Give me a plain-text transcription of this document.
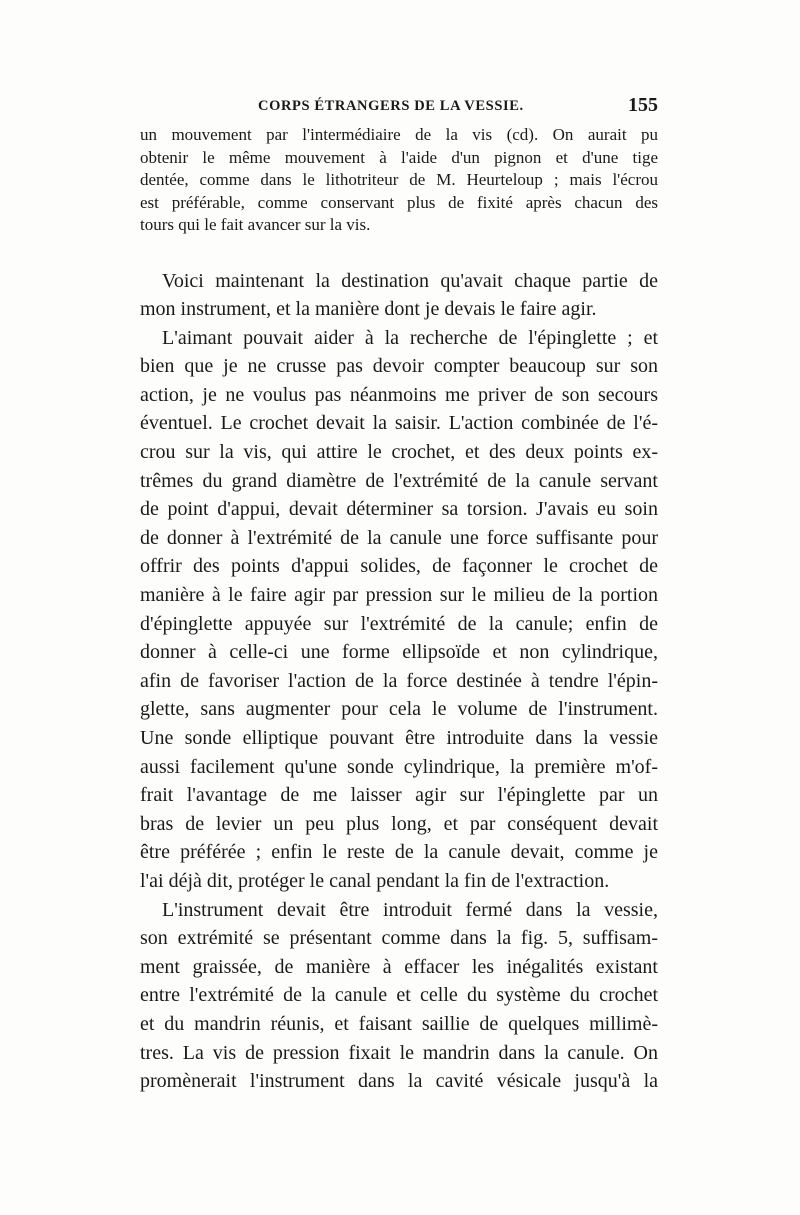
CORPS ÉTRANGERS DE LA VESSIE.	155

un mouvement par l'intermédiaire de la vis (cd). On aurait pu
obtenir le même mouvement à l'aide d'un pignon et d'une tige
dentée, comme dans le lithotriteur de M. Heurteloup ; mais l'écrou
est préférable, comme conservant plus de fixité après chacun des
tours qui le fait avancer sur la vis.

Voici maintenant la destination qu'avait chaque partie de
mon instrument, et la manière dont je devais le faire agir.

L'aimant pouvait aider à la recherche de l'épinglette ; et
bien que je ne crusse pas devoir compter beaucoup sur son
action, je ne voulus pas néanmoins me priver de son secours
éventuel. Le crochet devait la saisir. L'action combinée de l'é-
crou sur la vis, qui attire le crochet, et des deux points ex-
trêmes du grand diamètre de l'extrémité de la canule servant
de point d'appui, devait déterminer sa torsion. J'avais eu soin
de donner à l'extrémité de la canule une force suffisante pour
offrir des points d'appui solides, de façonner le crochet de
manière à le faire agir par pression sur le milieu de la portion
d'épinglette appuyée sur l'extrémité de la canule; enfin de
donner à celle-ci une forme ellipsoïde et non cylindrique,
afin de favoriser l'action de la force destinée à tendre l'épin-
glette, sans augmenter pour cela le volume de l'instrument.
Une sonde elliptique pouvant être introduite dans la vessie
aussi facilement qu'une sonde cylindrique, la première m'of-
frait l'avantage de me laisser agir sur l'épinglette par un
bras de levier un peu plus long, et par conséquent devait
être préférée ; enfin le reste de la canule devait, comme je
l'ai déjà dit, protéger le canal pendant la fin de l'extraction.

L'instrument devait être introduit fermé dans la vessie,
son extrémité se présentant comme dans la fig. 5, suffisam-
ment graissée, de manière à effacer les inégalités existant
entre l'extrémité de la canule et celle du système du crochet
et du mandrin réunis, et faisant saillie de quelques millimè-
tres. La vis de pression fixait le mandrin dans la canule. On
promènerait l'instrument dans la cavité vésicale jusqu'à la
